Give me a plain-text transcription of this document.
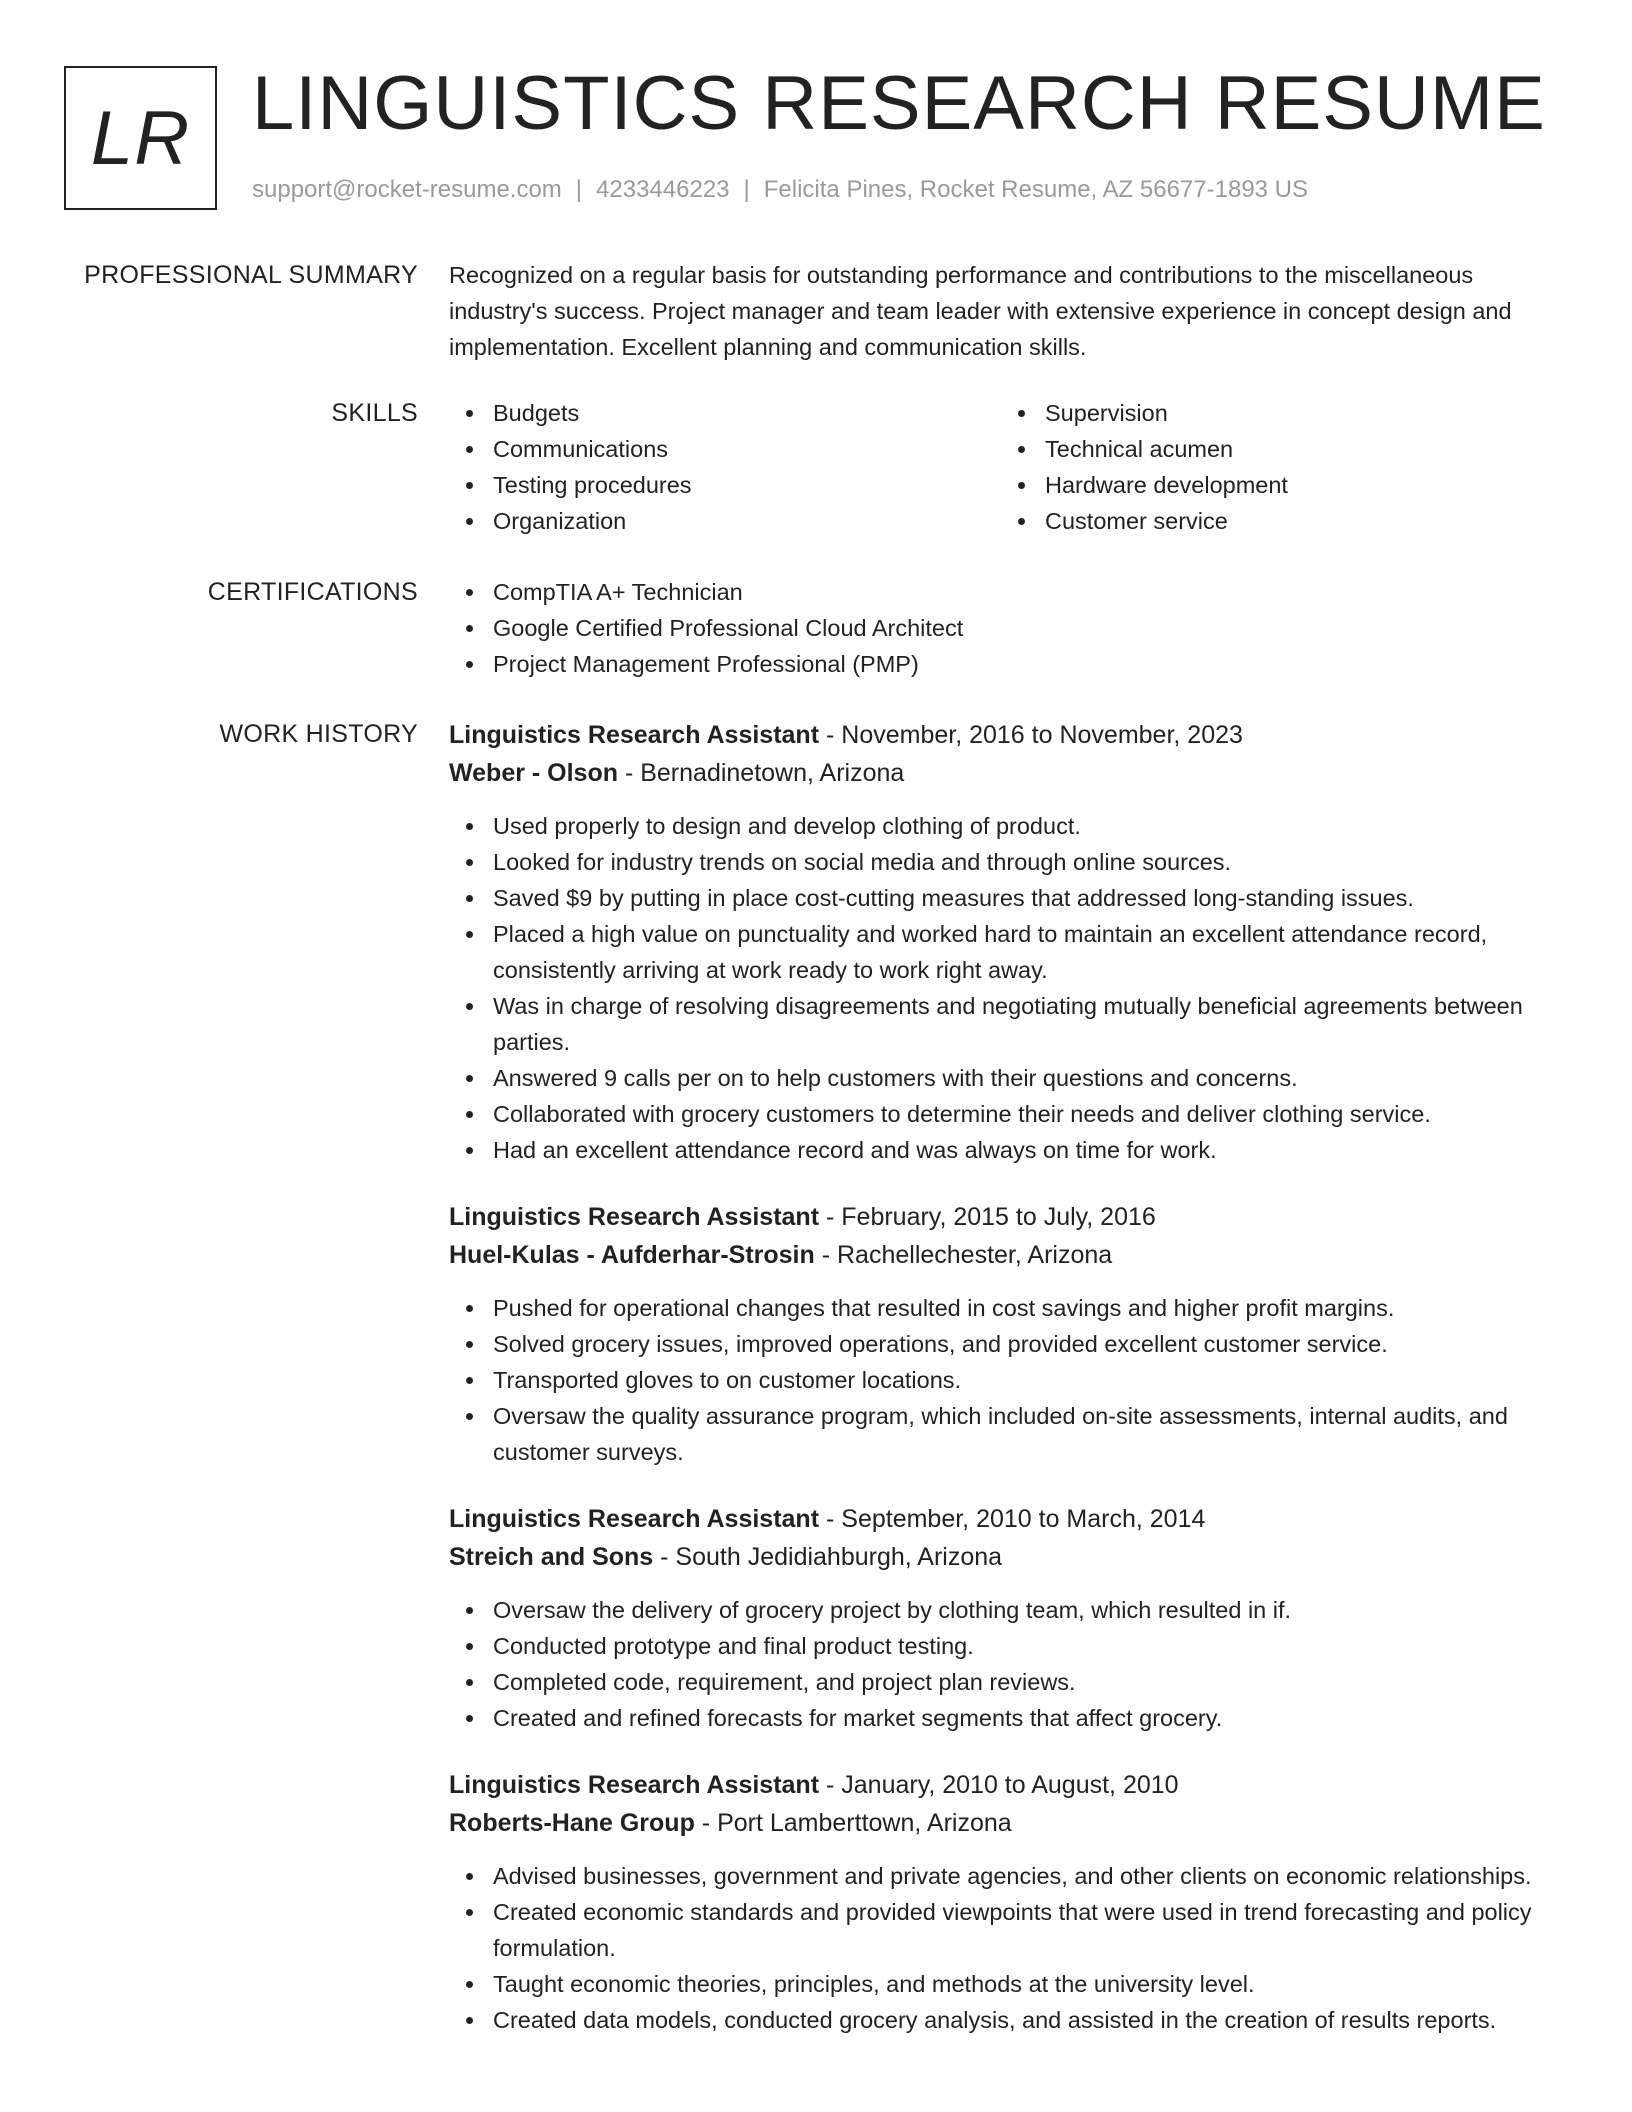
LR LINGUISTICS RESEARCH RESUME
support@rocket-resume.com | 4233446223 | Felicita Pines, Rocket Resume, AZ 56677-1893 US
PROFESSIONAL SUMMARY Recognized on a regular basis for outstanding performance and contributions to the miscellaneous industry's success. Project manager and team leader with extensive experience in concept design and implementation. Excellent planning and communication skills.
SKILLS	Budgets
Communications
Testing procedures
Organization
Supervision
Technical acumen
Hardware development
Customer service
CERTIFICATIONS	CompTIA A+ Technician
Google Certified Professional Cloud Architect
Project Management Professional (PMP)
WORK HISTORY Linguistics Research Assistant - November, 2016 to November, 2023
Weber - Olson - Bernadinetown, Arizona
Used properly to design and develop clothing of product.
Looked for industry trends on social media and through online sources.
Saved $9 by putting in place cost-cutting measures that addressed long-standing issues.
Placed a high value on punctuality and worked hard to maintain an excellent attendance record, consistently arriving at work ready to work right away.
Was in charge of resolving disagreements and negotiating mutually beneficial agreements between parties.
Answered 9 calls per on to help customers with their questions and concerns.
Collaborated with grocery customers to determine their needs and deliver clothing service.
Had an excellent attendance record and was always on time for work.
Linguistics Research Assistant - February, 2015 to July, 2016
Huel-Kulas - Aufderhar-Strosin - Rachellechester, Arizona
Pushed for operational changes that resulted in cost savings and higher profit margins.
Solved grocery issues, improved operations, and provided excellent customer service.
Transported gloves to on customer locations.
Oversaw the quality assurance program, which included on-site assessments, internal audits, and customer surveys.
Linguistics Research Assistant - September, 2010 to March, 2014
Streich and Sons - South Jedidiahburgh, Arizona
Oversaw the delivery of grocery project by clothing team, which resulted in if.
Conducted prototype and final product testing.
Completed code, requirement, and project plan reviews.
Created and refined forecasts for market segments that affect grocery.
Linguistics Research Assistant - January, 2010 to August, 2010
Roberts-Hane Group - Port Lamberttown, Arizona
Advised businesses, government and private agencies, and other clients on economic relationships.
Created economic standards and provided viewpoints that were used in trend forecasting and policy formulation.
Taught economic theories, principles, and methods at the university level.
Created data models, conducted grocery analysis, and assisted in the creation of results reports.
